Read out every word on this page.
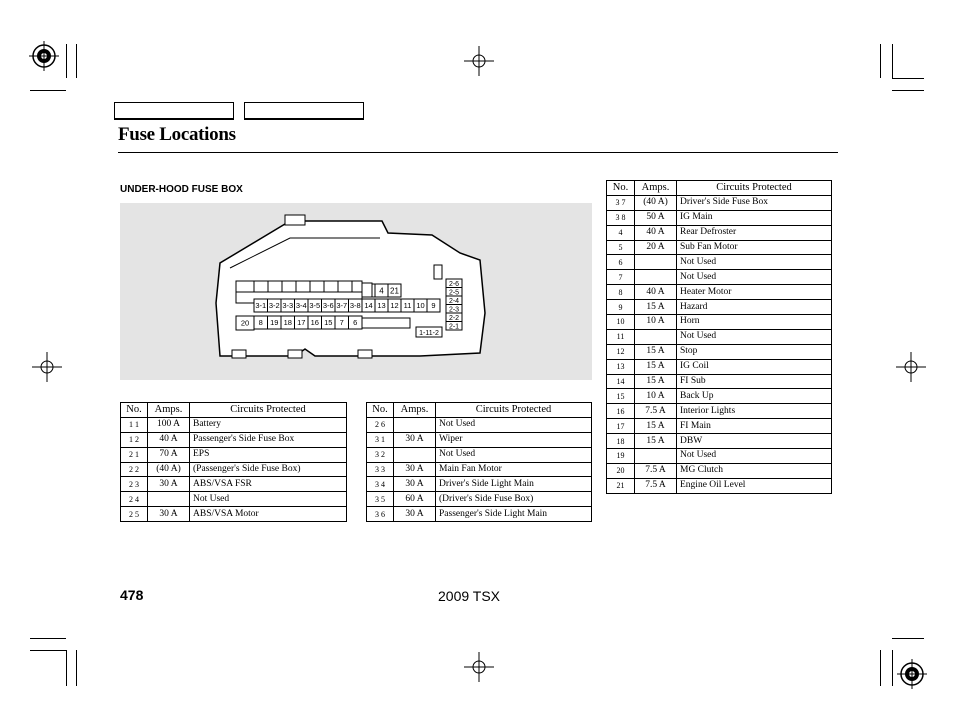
Fuse Locations
UNDER-HOOD FUSE BOX
4 21
3-1 3-2 3-3 3-4 3-5 3-6 3-7 3-8 14 13 12 11 10 9
20 8 19 18 17 16 15 7 6
2-6
2-5
2-4
2-3
2-2
2-1
1-11-2
No.	Amps.	Circuits Protected
1 1	100 A	Battery
1 2	40 A	Passenger's Side Fuse Box
2 1	70 A	EPS
2 2	(40 A)	(Passenger's Side Fuse Box)
2 3	30 A	ABS/VSA FSR
2 4		Not Used
2 5	30 A	ABS/VSA Motor
No.	Amps.	Circuits Protected
2 6		Not Used
3 1	30 A	Wiper
3 2		Not Used
3 3	30 A	Main Fan Motor
3 4	30 A	Driver's Side Light Main
3 5	60 A	(Driver's Side Fuse Box)
3 6	30 A	Passenger's Side Light Main
No.	Amps.	Circuits Protected
3 7	(40 A)	Driver's Side Fuse Box
3 8	50 A	IG Main
4	40 A	Rear Defroster
5	20 A	Sub Fan Motor
6		Not Used
7		Not Used
8	40 A	Heater Motor
9	15 A	Hazard
10	10 A	Horn
11		Not Used
12	15 A	Stop
13	15 A	IG Coil
14	15 A	FI Sub
15	10 A	Back Up
16	7.5 A	Interior Lights
17	15 A	FI Main
18	15 A	DBW
19		Not Used
20	7.5 A	MG Clutch
21	7.5 A	Engine Oil Level
478	2009 TSX
